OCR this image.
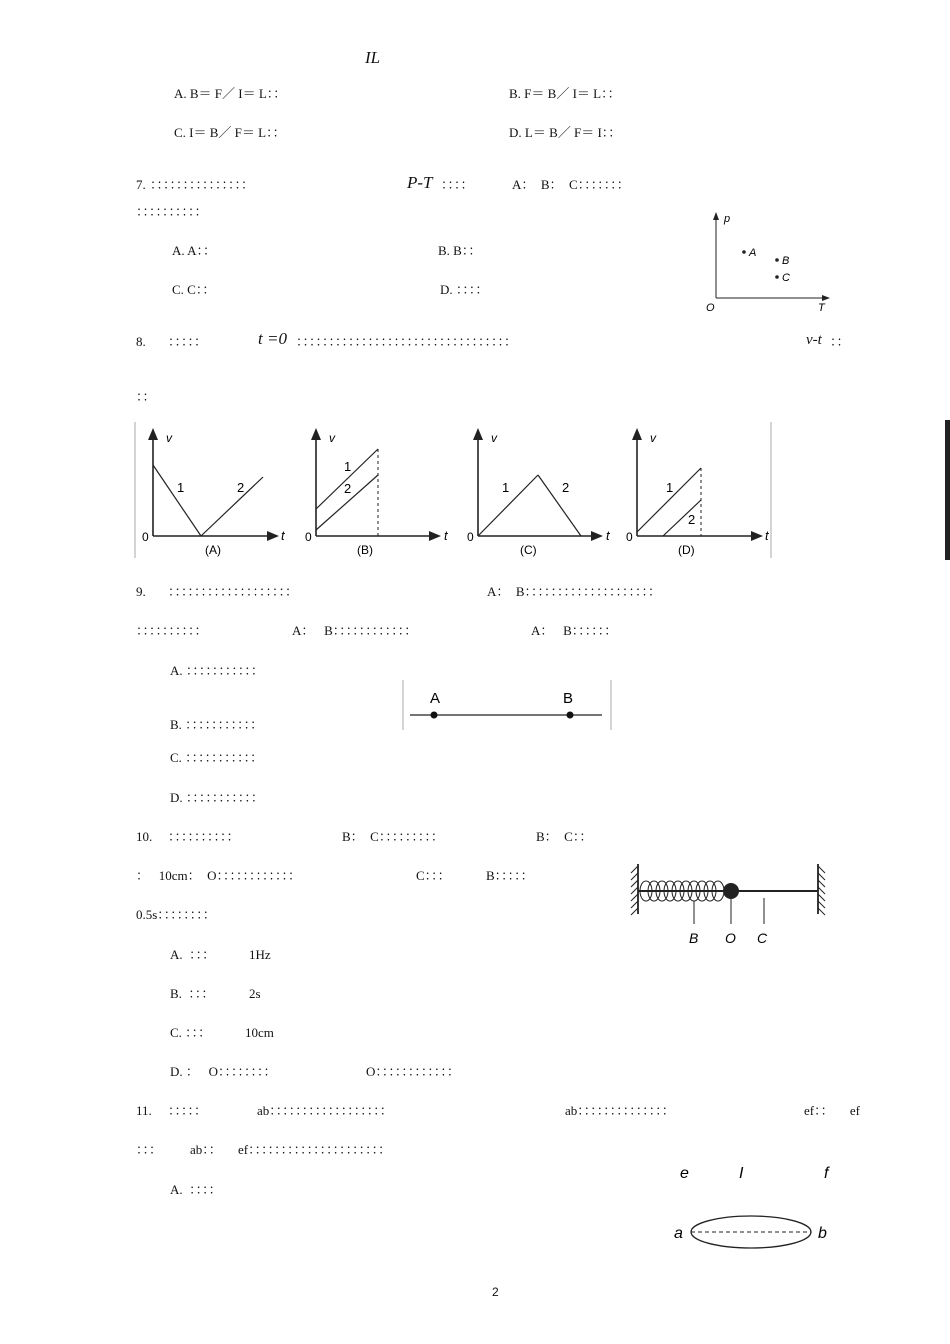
IL
A. B＝ F／ I＝ L：：	B. F＝ B／ I＝ L：：
C. I＝ B／ F＝ L：：	D. L＝ B／ F＝ I：：
7. ：：：：：：：：：：：：：：：	P-T ：：：：	A：  B：  C：：：：：：：
：：：：：：：：：：
A. A：：	B. B：：
C. C：：	D. ：：：：
p
T
O
A
B
C
8. ：：：：：	t =0 ：：：：：：：：：：：：：：：：：：：：：：：：：：：：：：：：：	v-t ：：
：：
v
t
0
(A)
1	2
v
t
0
(B)
1
2
v
t
0
(C)
1	2
v
t
0
(D)
1
2
9. ：：：：：：：：：：：：：：：：：：：	A：  B：：：：：：：：：：：：：：：：：：：：
：：：：：：：：：：	A：   B：：：：：：：：：：：：	A：   B：：：：：：
A. ：：：：：：：：：：：
B. ：：：：：：：：：：：
C. ：：：：：：：：：：：
D. ：：：：：：：：：：：
A	B
10. ：：：：：：：：：：	B：  C：：：：：：：：：	B：  C：：
：   10cm：  O：：：：：：：：：：：：	C：：：	B：：：：：
0.5s：：：：：：：：
A.  ：：：	1Hz
B.  ：：：	2s
C. ：：：	10cm
D. ：   O：：：：：：：：	O：：：：：：：：：：：：
B O C
11. ：：：：：	ab：：：：：：：：：：：：：：：：：：	ab：：：：：：：：：：：：：：	ef：：     ef
：：： ab：：     ef：：：：：：：：：：：：：：：：：：：：：
A.  ：：：：
e	I	f
a	b
2
